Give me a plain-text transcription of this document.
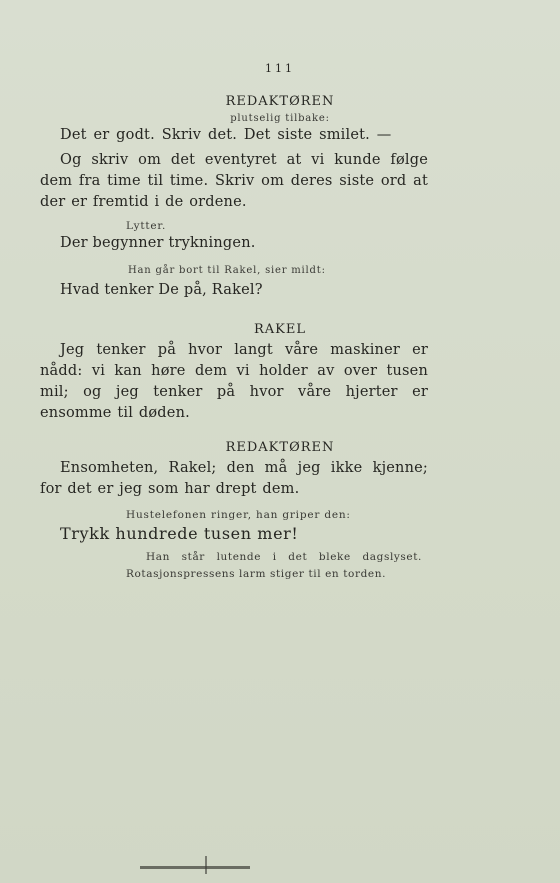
111
REDAKTØREN
plutselig tilbake:
Det er godt. Skriv det. Det siste smilet. —
Og skriv om det eventyret at vi kunde følge dem fra time til time. Skriv om deres siste ord at der er fremtid i de ordene.
Lytter.
Der begynner trykningen.
Han går bort til Rakel, sier mildt:
Hvad tenker De på, Rakel?
RAKEL
Jeg tenker på hvor langt våre maskiner er nådd: vi kan høre dem vi holder av over tusen mil; og jeg tenker på hvor våre hjerter er ensomme til døden.
REDAKTØREN
Ensomheten, Rakel; den må jeg ikke kjenne; for det er jeg som har drept dem.
Hustelefonen ringer, han griper den:
Trykk hundrede tusen mer!
Han står lutende i det bleke dagslyset. Rotasjonspressens larm stiger til en torden.
